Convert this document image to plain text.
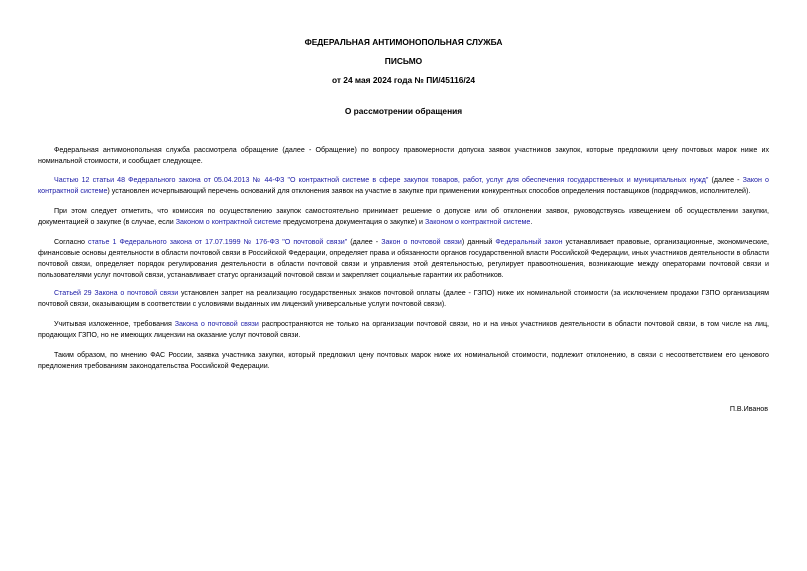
ФЕДЕРАЛЬНАЯ АНТИМОНОПОЛЬНАЯ СЛУЖБА

ПИСЬМО

от 24 мая 2024 года № ПИ/45116/24

О рассмотрении обращения

Федеральная антимонопольная служба рассмотрела обращение (далее - Обращение) по вопросу правомерности допуска заявок участников закупок, которые предложили цену почтовых марок ниже их номинальной стоимости, и сообщает следующее.

Частью 12 статьи 48 Федерального закона от 05.04.2013 № 44-ФЗ "О контрактной системе в сфере закупок товаров, работ, услуг для обеспечения государственных и муниципальных нужд" (далее - Закон о контрактной системе) установлен исчерпывающий перечень оснований для отклонения заявок на участие в закупке при применении конкурентных способов определения поставщиков (подрядчиков, исполнителей).

При этом следует отметить, что комиссия по осуществлению закупок самостоятельно принимает решение о допуске или об отклонении заявок, руководствуясь извещением об осуществлении закупки, документацией о закупке (в случае, если Законом о контрактной системе предусмотрена документация о закупке) и Законом о контрактной системе.

Согласно статье 1 Федерального закона от 17.07.1999 № 176-ФЗ "О почтовой связи" (далее - Закон о почтовой связи) данный Федеральный закон устанавливает правовые, организационные, экономические, финансовые основы деятельности в области почтовой связи в Российской Федерации, определяет права и обязанности органов государственной власти Российской Федерации, иных участников деятельности в области почтовой связи, определяет порядок регулирования деятельности в области почтовой связи и управления этой деятельностью, регулирует правоотношения, возникающие между операторами почтовой связи и пользователями услуг почтовой связи, устанавливает статус организаций почтовой связи и закрепляет социальные гарантии их работников.

Статьей 29 Закона о почтовой связи установлен запрет на реализацию государственных знаков почтовой оплаты (далее - ГЗПО) ниже их номинальной стоимости (за исключением продажи ГЗПО организациям почтовой связи, оказывающим в соответствии с условиями выданных им лицензий универсальные услуги почтовой связи).

Учитывая изложенное, требования Закона о почтовой связи распространяются не только на организации почтовой связи, но и на иных участников деятельности в области почтовой связи, в том числе на лиц, продающих ГЗПО, но не имеющих лицензии на оказание услуг почтовой связи.

Таким образом, по мнению ФАС России, заявка участника закупки, который предложил цену почтовых марок ниже их номинальной стоимости, подлежит отклонению, в связи с несоответствием его ценового предложения требованиям законодательства Российской Федерации.

П.В.Иванов
